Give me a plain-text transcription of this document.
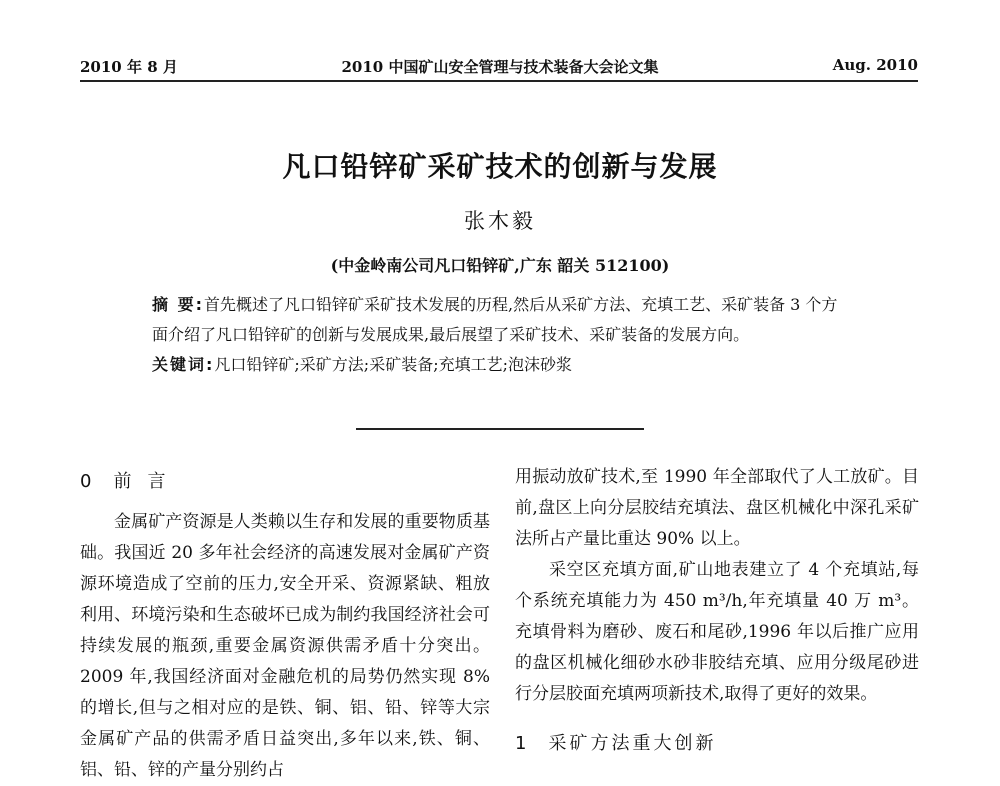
2010 年 8 月	2010 中国矿山安全管理与技术装备大会论文集	Aug. 2010
凡口铅锌矿采矿技术的创新与发展
张木毅
(中金岭南公司凡口铅锌矿,广东 韶关 512100)

摘 要:首先概述了凡口铅锌矿采矿技术发展的历程,然后从采矿方法、充填工艺、采矿装备 3 个方面介绍了凡口铅锌矿的创新与发展成果,最后展望了采矿技术、采矿装备的发展方向。

关键词:凡口铅锌矿;采矿方法;采矿装备;充填工艺;泡沫砂浆

0 前言

金属矿产资源是人类赖以生存和发展的重要物质基础。我国近 20 多年社会经济的高速发展对金属矿产资源环境造成了空前的压力,安全开采、资源紧缺、粗放利用、环境污染和生态破坏已成为制约我国经济社会可持续发展的瓶颈,重要金属资源供需矛盾十分突出。2009 年,我国经济面对金融危机的局势仍然实现 8% 的增长,但与之相对应的是铁、铜、铝、铅、锌等大宗金属矿产品的供需矛盾日益突出,多年以来,铁、铜、铝、铅、锌的产量分别约占

用振动放矿技术,至 1990 年全部取代了人工放矿。目前,盘区上向分层胶结充填法、盘区机械化中深孔采矿法所占产量比重达 90% 以上。

采空区充填方面,矿山地表建立了 4 个充填站,每个系统充填能力为 450 m³/h,年充填量 40 万 m³。充填骨料为磨砂、废石和尾砂,1996 年以后推广应用的盘区机械化细砂水砂非胶结充填、应用分级尾砂进行分层胶面充填两项新技术,取得了更好的效果。

1 采矿方法重大创新
